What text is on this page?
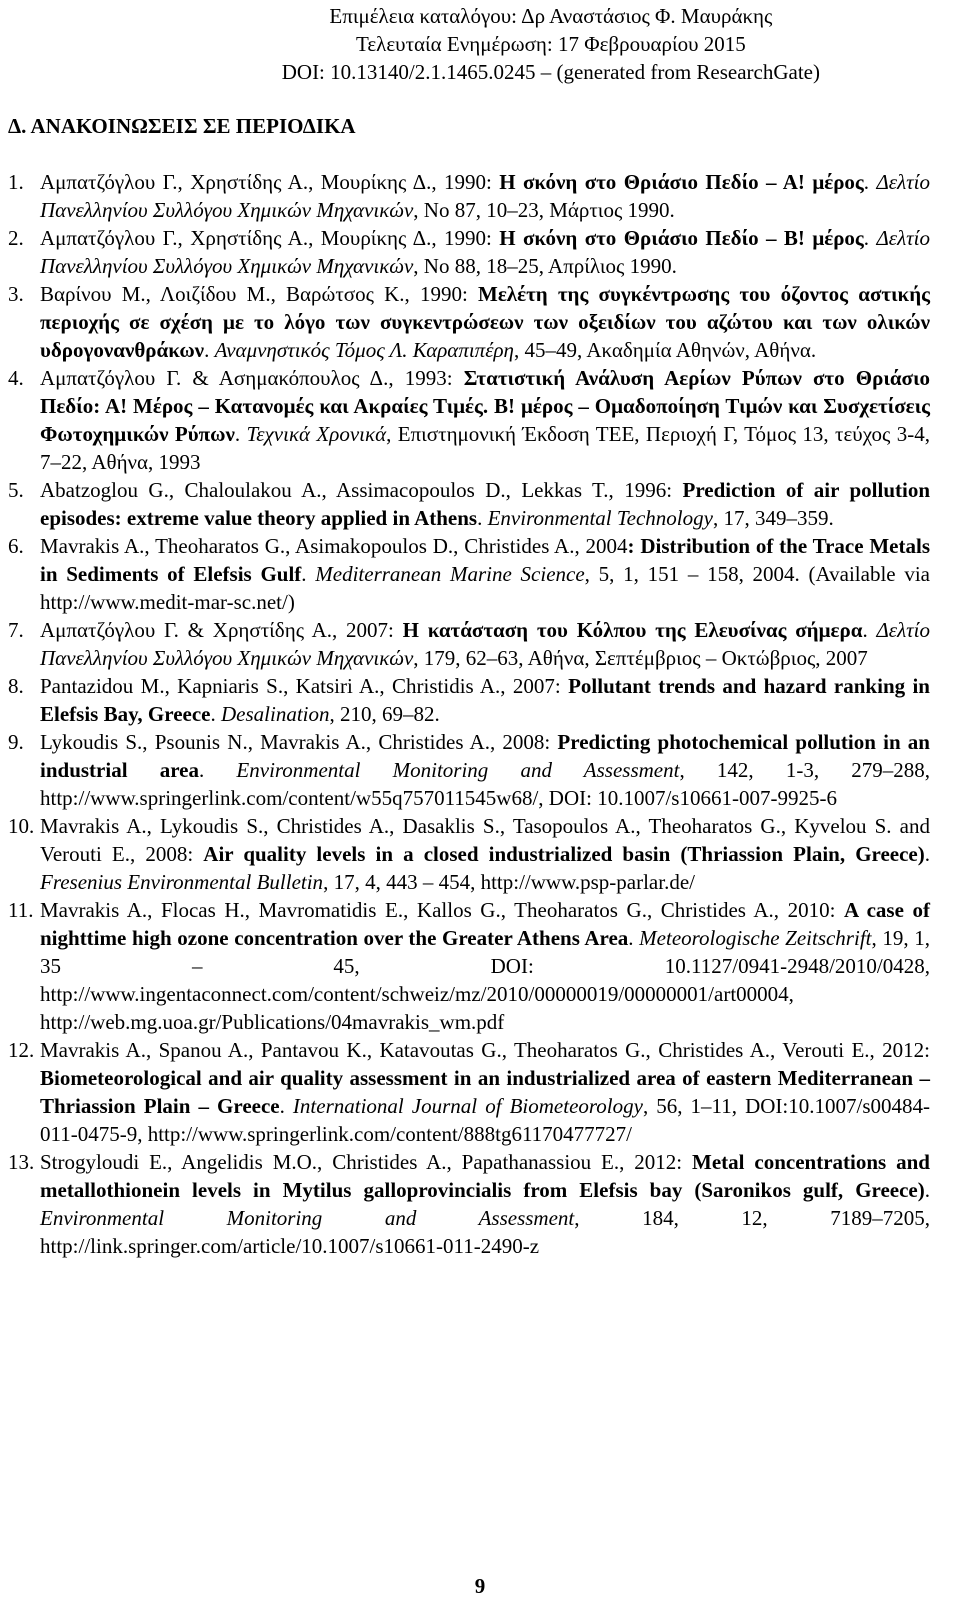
Επιμέλεια καταλόγου: Δρ Αναστάσιος Φ. Μαυράκης
Τελευταία Ενημέρωση: 17 Φεβρουαρίου 2015
DOI: 10.13140/2.1.1465.0245 – (generated from ResearchGate)
Δ. ΑΝΑΚΟΙΝΩΣΕΙΣ ΣΕ ΠΕΡΙΟΔΙΚΑ
1. Αμπατζόγλου Γ., Χρηστίδης Α., Μουρίκης Δ., 1990: Η σκόνη στο Θριάσιο Πεδίο – Α! μέρος. Δελτίο Πανελληνίου Συλλόγου Χημικών Μηχανικών, Νο 87, 10–23, Μάρτιος 1990.
2. Αμπατζόγλου Γ., Χρηστίδης Α., Μουρίκης Δ., 1990: Η σκόνη στο Θριάσιο Πεδίο – Β! μέρος. Δελτίο Πανελληνίου Συλλόγου Χημικών Μηχανικών, Νο 88, 18–25, Απρίλιος 1990.
3. Βαρίνου Μ., Λοιζίδου Μ., Βαρώτσος Κ., 1990: Μελέτη της συγκέντρωσης του όζοντος αστικής περιοχής σε σχέση με το λόγο των συγκεντρώσεων των οξειδίων του αζώτου και των ολικών υδρογονανθράκων. Αναμνηστικός Τόμος Λ. Καραπιπέρη, 45–49, Ακαδημία Αθηνών, Αθήνα.
4. Αμπατζόγλου Γ. & Ασημακόπουλος Δ., 1993: Στατιστική Ανάλυση Αερίων Ρύπων στο Θριάσιο Πεδίο: Α! Μέρος – Κατανομές και Ακραίες Τιμές. Β! μέρος – Ομαδοποίηση Τιμών και Συσχετίσεις Φωτοχημικών Ρύπων. Τεχνικά Χρονικά, Επιστημονική Έκδοση ΤΕΕ, Περιοχή Γ, Τόμος 13, τεύχος 3-4, 7–22, Αθήνα, 1993
5. Abatzoglou G., Chaloulakou A., Assimacopoulos D., Lekkas T., 1996: Prediction of air pollution episodes: extreme value theory applied in Athens. Environmental Technology, 17, 349–359.
6. Mavrakis A., Theoharatos G., Asimakopoulos D., Christides A., 2004: Distribution of the Trace Metals in Sediments of Elefsis Gulf. Mediterranean Marine Science, 5, 1, 151 – 158, 2004. (Available via http://www.medit-mar-sc.net/)
7. Αμπατζόγλου Γ. & Χρηστίδης Α., 2007: Η κατάσταση του Κόλπου της Ελευσίνας σήμερα. Δελτίο Πανελληνίου Συλλόγου Χημικών Μηχανικών, 179, 62–63, Αθήνα, Σεπτέμβριος – Οκτώβριος, 2007
8. Pantazidou M., Kapniaris S., Katsiri A., Christidis A., 2007: Pollutant trends and hazard ranking in Elefsis Bay, Greece. Desalination, 210, 69–82.
9. Lykoudis S., Psounis N., Mavrakis A., Christides A., 2008: Predicting photochemical pollution in an industrial area. Environmental Monitoring and Assessment, 142, 1-3, 279–288, http://www.springerlink.com/content/w55q757011545w68/, DOI: 10.1007/s10661-007-9925-6
10. Mavrakis A., Lykoudis S., Christides A., Dasaklis S., Tasopoulos A., Theoharatos G., Kyvelou S. and Verouti E., 2008: Air quality levels in a closed industrialized basin (Thriassion Plain, Greece). Fresenius Environmental Bulletin, 17, 4, 443 – 454, http://www.psp-parlar.de/
11. Mavrakis A., Flocas H., Mavromatidis E., Kallos G., Theoharatos G., Christides A., 2010: A case of nighttime high ozone concentration over the Greater Athens Area. Meteorologische Zeitschrift, 19, 1, 35 – 45, DOI: 10.1127/0941-2948/2010/0428, http://www.ingentaconnect.com/content/schweiz/mz/2010/00000019/00000001/art00004, http://web.mg.uoa.gr/Publications/04mavrakis_wm.pdf
12. Mavrakis A., Spanou A., Pantavou K., Katavoutas G., Theoharatos G., Christides A., Verouti E., 2012: Biometeorological and air quality assessment in an industrialized area of eastern Mediterranean – Thriassion Plain – Greece. International Journal of Biometeorology, 56, 1–11, DOI:10.1007/s00484-011-0475-9, http://www.springerlink.com/content/888tg61170477727/
13. Strogyloudi E., Angelidis M.O., Christides A., Papathanassiou E., 2012: Metal concentrations and metallothionein levels in Mytilus galloprovincialis from Elefsis bay (Saronikos gulf, Greece). Environmental Monitoring and Assessment, 184, 12, 7189–7205, http://link.springer.com/article/10.1007/s10661-011-2490-z
9
